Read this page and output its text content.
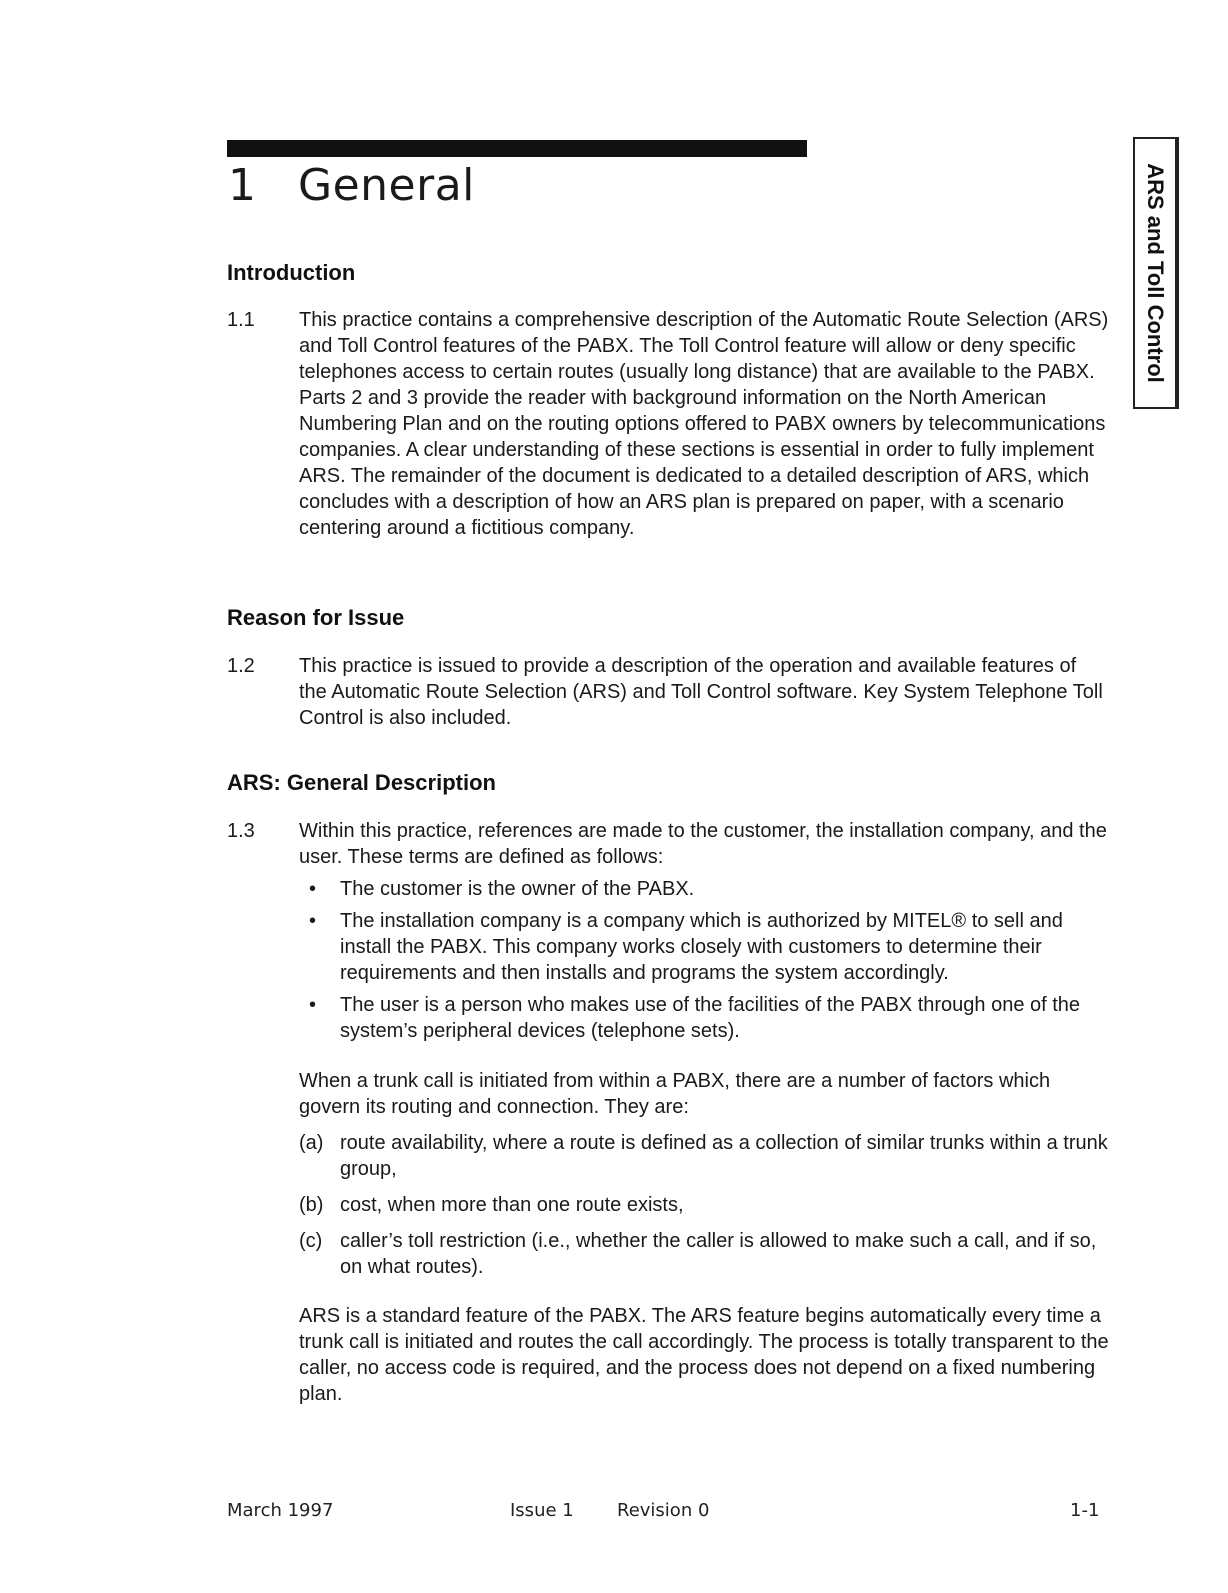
1 General	ARS and Toll Control
Introduction
1.1 This practice contains a comprehensive description of the Automatic Route Selection (ARS) and Toll Control features of the PABX. The Toll Control feature will allow or deny specific telephones access to certain routes (usually long distance) that are available to the PABX. Parts 2 and 3 provide the reader with background information on the North American Numbering Plan and on the routing options offered to PABX owners by telecommunications companies. A clear understanding of these sections is essential in order to fully implement ARS. The remainder of the document is dedicated to a detailed description of ARS, which concludes with a description of how an ARS plan is prepared on paper, with a scenario centering around a fictitious company.

Reason for Issue
1.2 This practice is issued to provide a description of the operation and available features of the Automatic Route Selection (ARS) and Toll Control software. Key System Telephone Toll Control is also included.

ARS: General Description
1.3 Within this practice, references are made to the customer, the installation company, and the user. These terms are defined as follows:

• The customer is the owner of the PABX.
• The installation company is a company which is authorized by MITEL® to sell and install the PABX. This company works closely with customers to determine their requirements and then installs and programs the system accordingly.
• The user is a person who makes use of the facilities of the PABX through one of the system’s peripheral devices (telephone sets).

When a trunk call is initiated from within a PABX, there are a number of factors which govern its routing and connection. They are:

(a) route availability, where a route is defined as a collection of similar trunks within a trunk group,
(b) cost, when more than one route exists,
(c) caller’s toll restriction (i.e., whether the caller is allowed to make such a call, and if so, on what routes).

ARS is a standard feature of the PABX. The ARS feature begins automatically every time a trunk call is initiated and routes the call accordingly. The process is totally transparent to the caller, no access code is required, and the process does not depend on a fixed numbering plan.

March 1997	Issue 1 Revision 0	1-1
